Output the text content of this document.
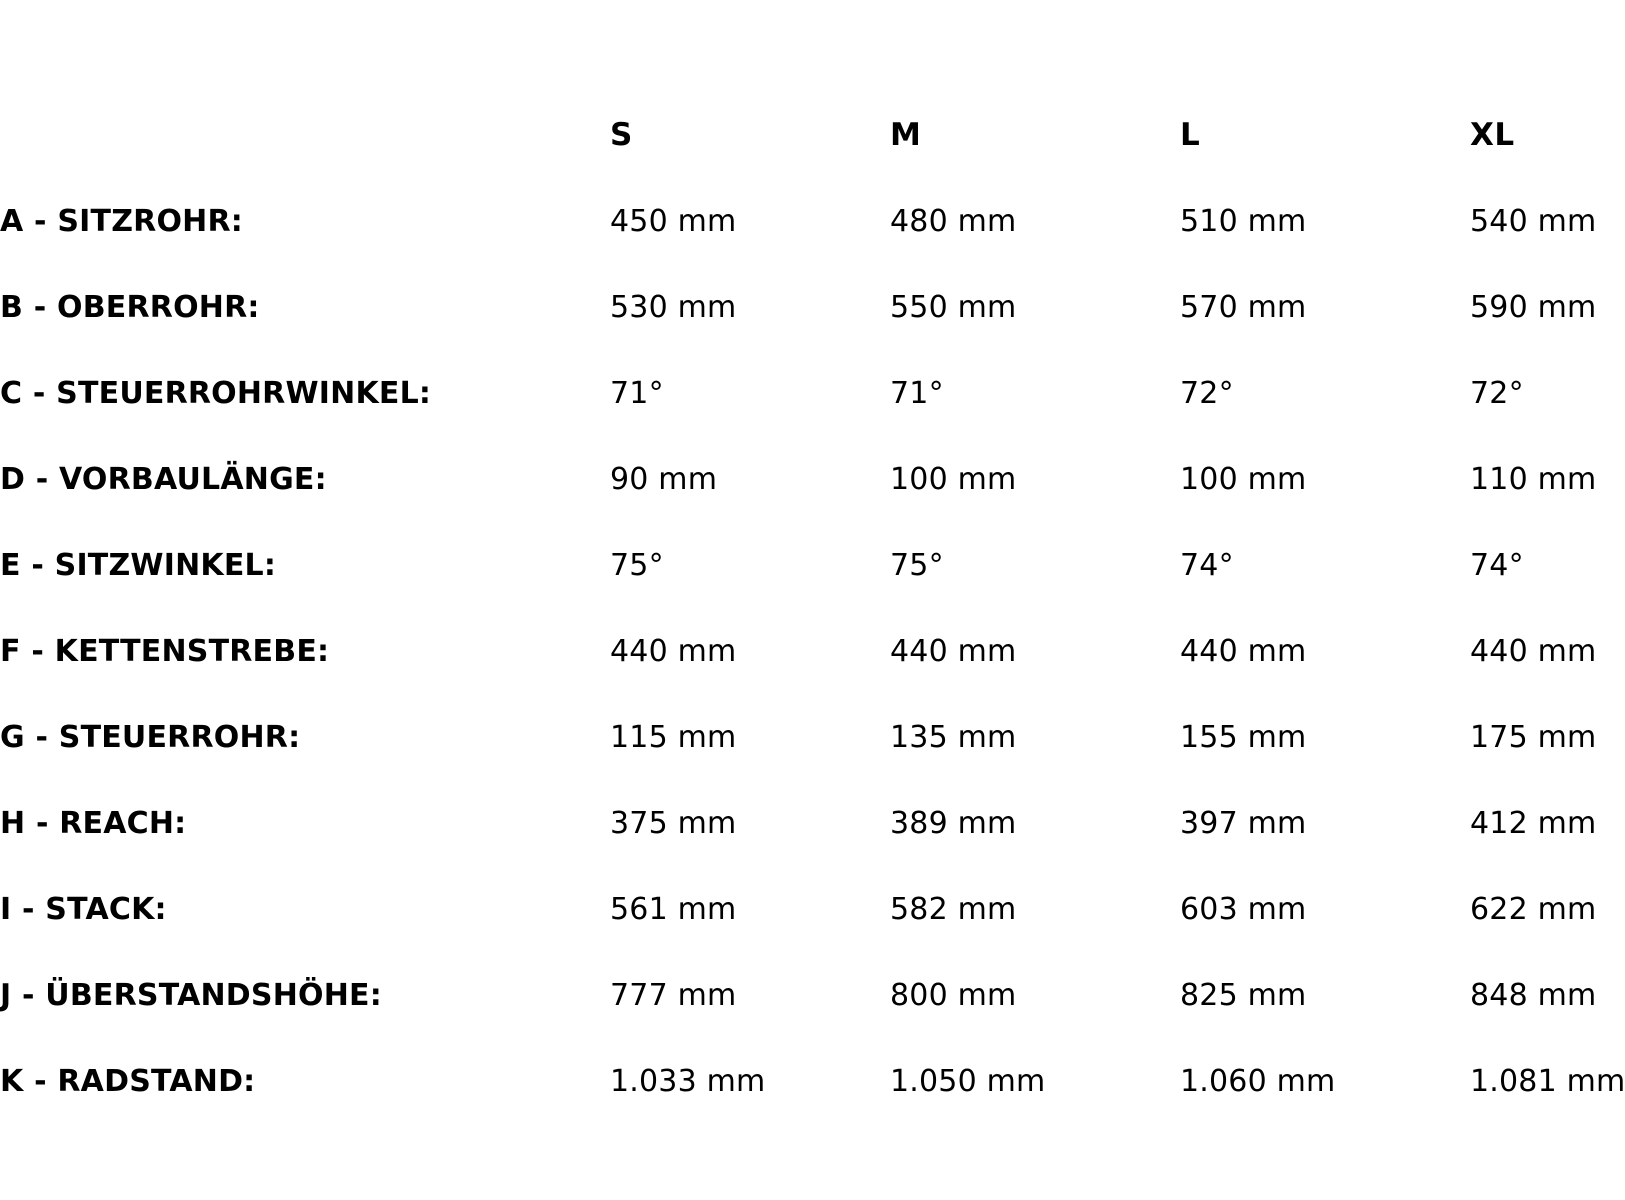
	S	M	L	XL
A - SITZROHR:	450 mm	480 mm	510 mm	540 mm
B - OBERROHR:	530 mm	550 mm	570 mm	590 mm
C - STEUERROHRWINKEL:	71°	71°	72°	72°
D - VORBAULÄNGE:	90 mm	100 mm	100 mm	110 mm
E - SITZWINKEL:	75°	75°	74°	74°
F - KETTENSTREBE:	440 mm	440 mm	440 mm	440 mm
G - STEUERROHR:	115 mm	135 mm	155 mm	175 mm
H - REACH:	375 mm	389 mm	397 mm	412 mm
I - STACK:	561 mm	582 mm	603 mm	622 mm
J - ÜBERSTANDSHÖHE:	777 mm	800 mm	825 mm	848 mm
K - RADSTAND:	1.033 mm	1.050 mm	1.060 mm	1.081 mm
